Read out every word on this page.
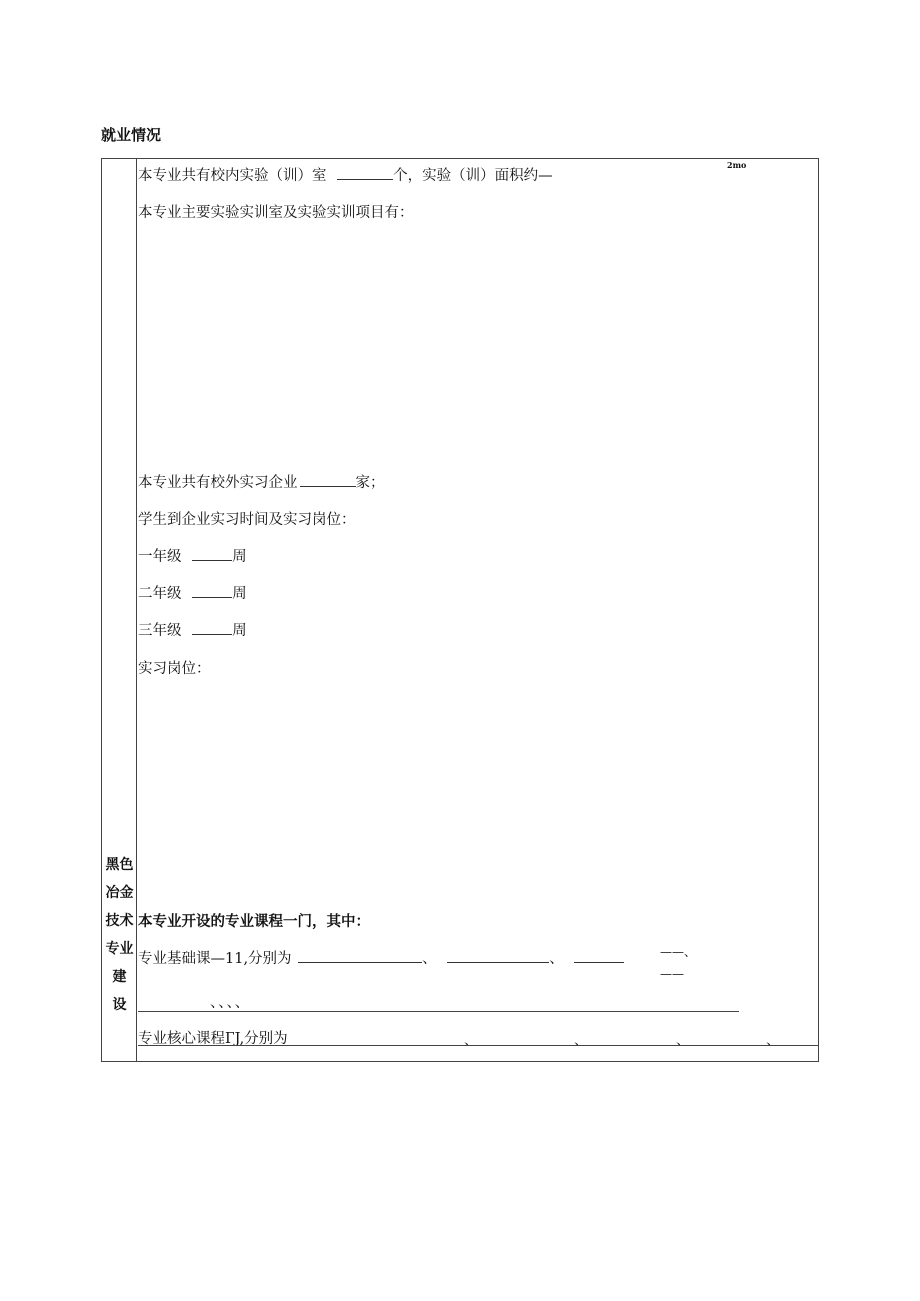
就业情况
黑色
冶金
技术
专业
建
设
本专业共有校内实验（训）室	个，实验（训）面积约—
2mo
本专业主要实验实训室及实验实训项目有：
本专业共有校外实习企业	家；
学生到企业实习时间及实习岗位：
一年级	周
二年级	周
三年级	周
实习岗位：
本专业开设的专业课程一门，其中：
专业基础课—11,分别为	、	、	——、
——
、、、、
专业核心课程ГJ,分别为	、	、	、	、
